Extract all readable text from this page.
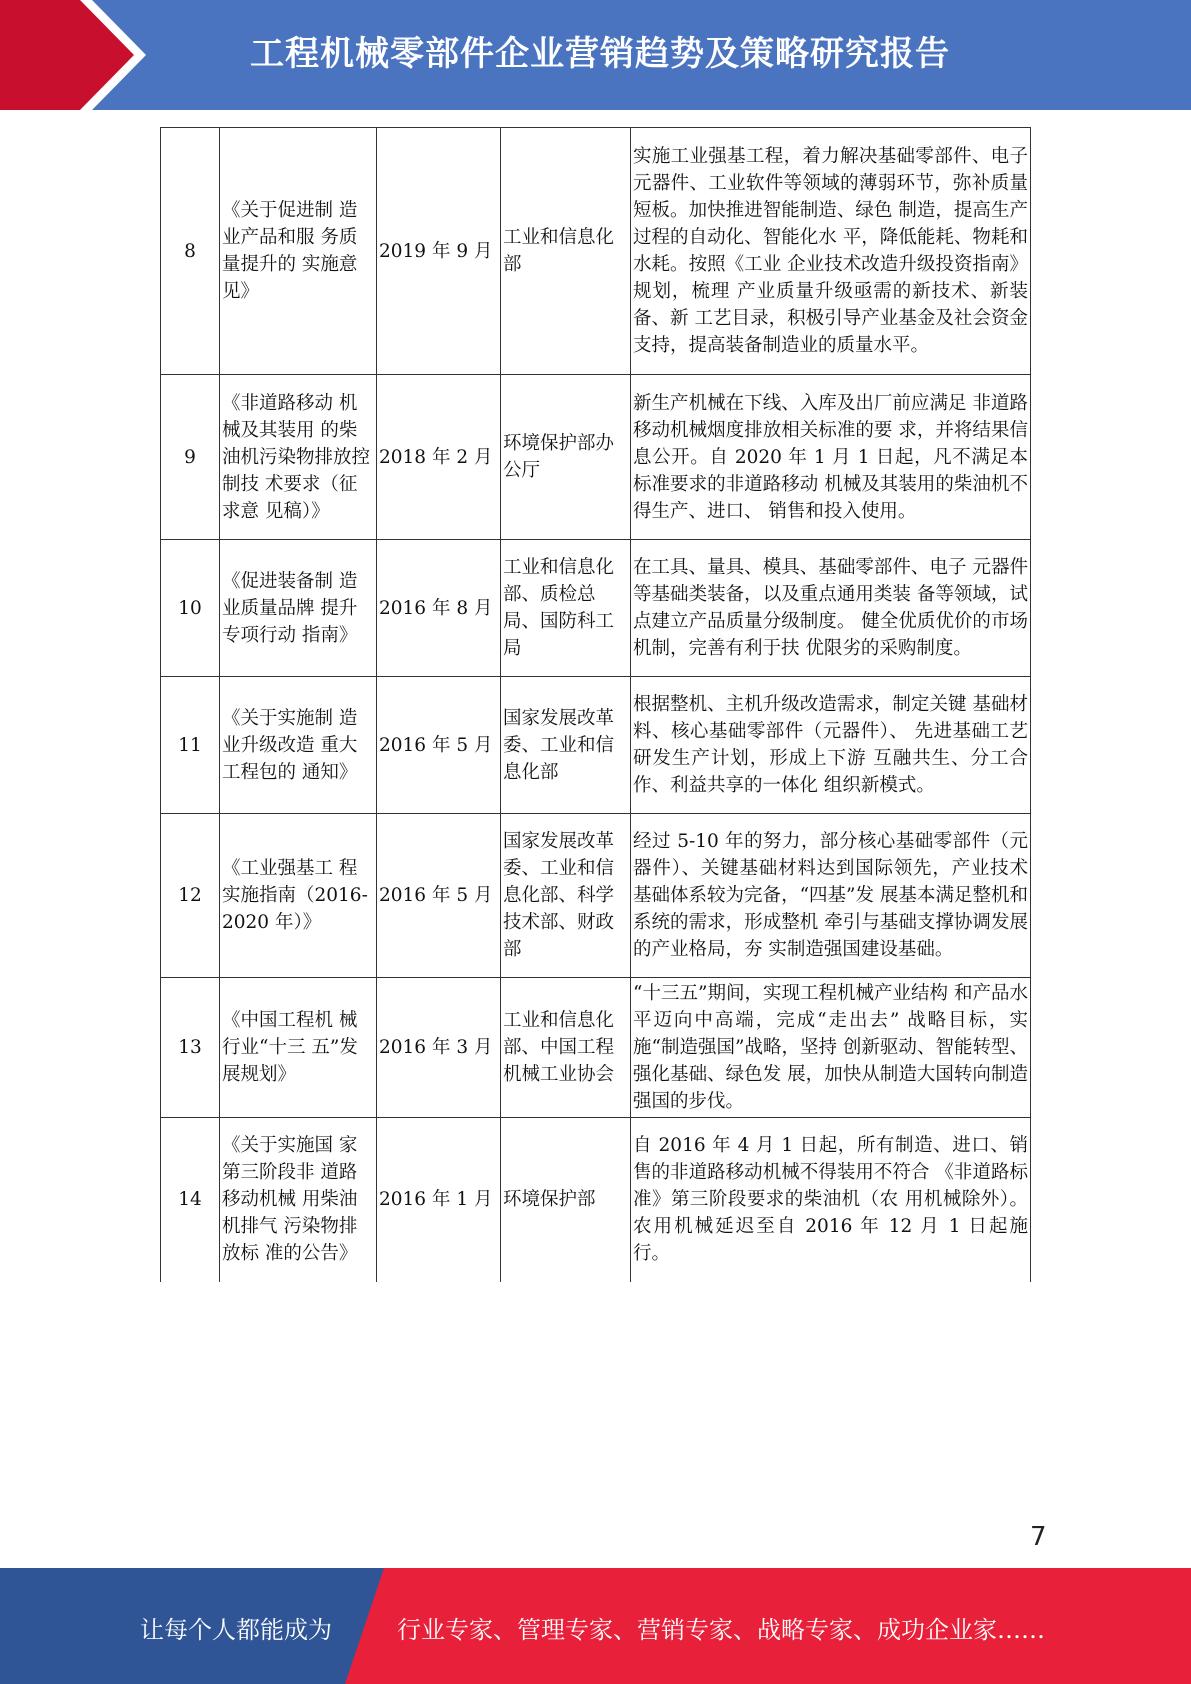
工程机械零部件企业营销趋势及策略研究报告
8	《关于促进制 造业产品和服 务质量提升的 实施意见》	2019 年 9 月	工业和信息化部	实施工业强基工程，着力解决基础零部件、电子元器件、工业软件等领域的薄弱环节，弥补质量短板。加快推进智能制造、绿色 制造，提高生产过程的自动化、智能化水 平，降低能耗、物耗和水耗。按照《工业 企业技术改造升级投资指南》规划，梳理 产业质量升级亟需的新技术、新装备、新 工艺目录，积极引导产业基金及社会资金 支持，提高装备制造业的质量水平。
9	《非道路移动 机械及其装用 的柴油机污染物排放控制技 术要求（征求意 见稿）》	2018 年 2 月	环境保护部办公厅	新生产机械在下线、入库及出厂前应满足 非道路移动机械烟度排放相关标准的要 求，并将结果信息公开。自 2020 年 1 月 1 日起，凡不满足本标准要求的非道路移动 机械及其装用的柴油机不得生产、进口、 销售和投入使用。
10	《促进装备制 造业质量品牌 提升专项行动 指南》	2016 年 8 月	工业和信息化部、质检总局、国防科工局	在工具、量具、模具、基础零部件、电子 元器件等基础类装备，以及重点通用类装 备等领域，试点建立产品质量分级制度。 健全优质优价的市场机制，完善有利于扶 优限劣的采购制度。
11	《关于实施制 造业升级改造 重大工程包的 通知》	2016 年 5 月	国家发展改革委、工业和信息化部	根据整机、主机升级改造需求，制定关键 基础材料、核心基础零部件（元器件）、 先进基础工艺研发生产计划，形成上下游 互融共生、分工合作、利益共享的一体化 组织新模式。
12	《工业强基工 程实施指南（2016-2020 年）》	2016 年 5 月	国家发展改革委、工业和信息化部、科学技术部、财政部	经过 5-10 年的努力，部分核心基础零部件（元器件）、关键基础材料达到国际领先，产业技术基础体系较为完备，“四基”发 展基本满足整机和系统的需求，形成整机 牵引与基础支撑协调发展的产业格局，夯 实制造强国建设基础。
13	《中国工程机 械行业“十三 五”发展规划》	2016 年 3 月	工业和信息化部、中国工程机械工业协会	“十三五”期间，实现工程机械产业结构 和产品水平迈向中高端，完成“走出去” 战略目标，实施“制造强国”战略，坚持 创新驱动、智能转型、强化基础、绿色发 展，加快从制造大国转向制造强国的步伐。
14	《关于实施国 家第三阶段非 道路移动机械 用柴油机排气 污染物排放标 准的公告》	2016 年 1 月	环境保护部	自 2016 年 4 月 1 日起，所有制造、进口、销售的非道路移动机械不得装用不符合 《非道路标准》第三阶段要求的柴油机（农 用机械除外）。农用机械延迟至自 2016 年 12 月 1 日起施行。
7
让每个人都能成为	行业专家、管理专家、营销专家、战略专家、成功企业家……
